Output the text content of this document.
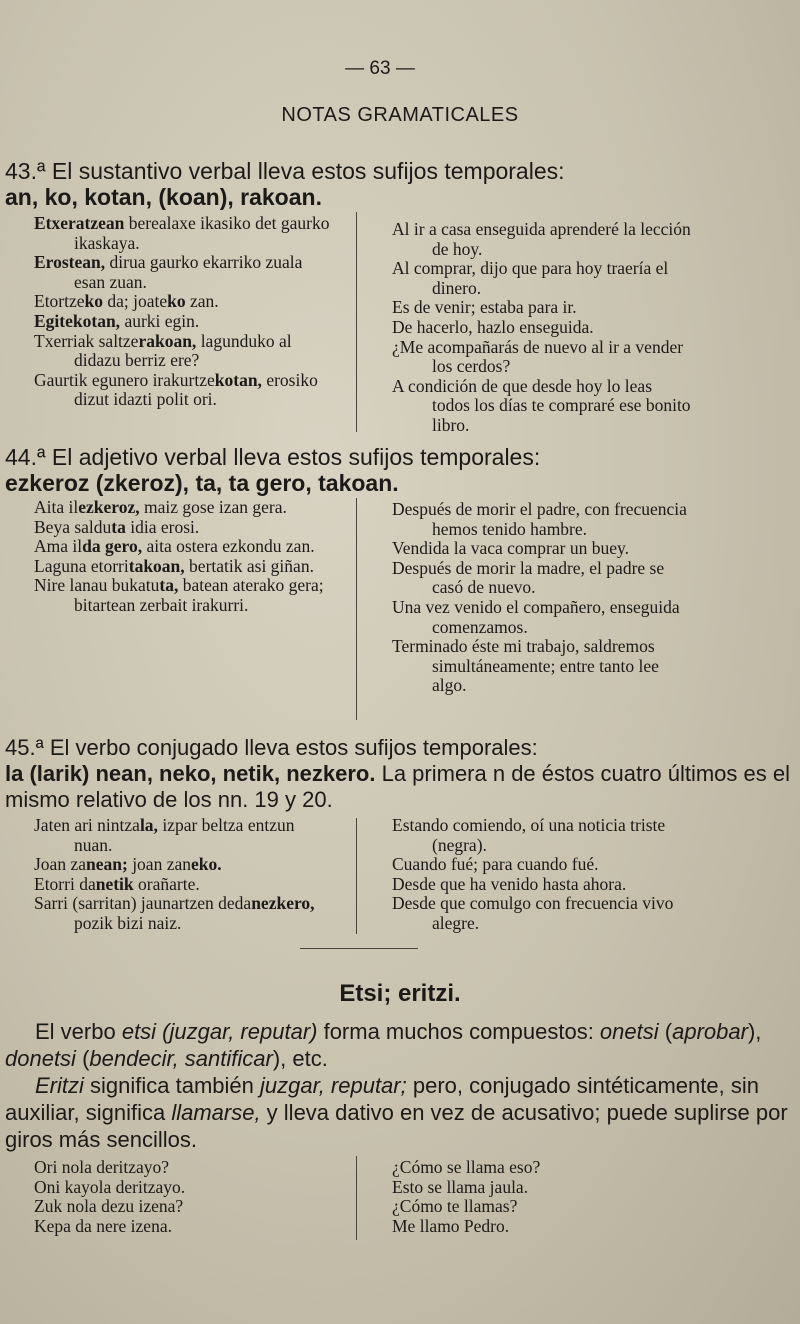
— 63 —
NOTAS GRAMATICALES
43.ª El sustantivo verbal lleva estos sufijos temporales:
an, ko, kotan, (koan), rakoan.

Etxeratzean berealaxe ikasiko det gaurko ikaskaya.

Erostean, dirua gaurko ekarriko zuala esan zuan.

Etortzeko da; joateko zan.

Egitekotan, aurki egin.

Txerriak saltzerakoan, lagunduko al didazu berriz ere?

Gaurtik egunero irakurtzekotan, erosiko dizut idazti polit ori.

Al ir a casa enseguida aprenderé la lección de hoy.

Al comprar, dijo que para hoy traería el dinero.

Es de venir; estaba para ir.

De hacerlo, hazlo enseguida.

¿Me acompañarás de nuevo al ir a vender los cerdos?

A condición de que desde hoy lo leas todos los días te compraré ese bonito libro.

44.ª El adjetivo verbal lleva estos sufijos temporales:
ezkeroz (zkeroz), ta, ta gero, takoan.

Aita ilezkeroz, maiz gose izan gera.

Beya salduta idia erosi.

Ama ilda gero, aita ostera ezkondu zan.

Laguna etorritakoan, bertatik asi giñan.

Nire lanau bukatuta, batean aterako gera; bitartean zerbait irakurri.

Después de morir el padre, con frecuencia hemos tenido hambre.

Vendida la vaca comprar un buey.

Después de morir la madre, el padre se casó de nuevo.

Una vez venido el compañero, enseguida comenzamos.

Terminado éste mi trabajo, saldremos simultáneamente; entre tanto lee algo.

45.ª El verbo conjugado lleva estos sufijos temporales:
la (larik) nean, neko, netik, nezkero. La primera n de éstos cuatro últimos es el mismo relativo de los nn. 19 y 20.

Jaten ari nintzala, izpar beltza entzun nuan.

Joan zanean; joan zaneko.

Etorri danetik orañarte.

Sarri (sarritan) jaunartzen dedanezkero, pozik bizi naiz.

Estando comiendo, oí una noticia triste (negra).

Cuando fué; para cuando fué.

Desde que ha venido hasta ahora.

Desde que comulgo con frecuencia vivo alegre.

Etsi; eritzi.
El verbo etsi (juzgar, reputar) forma muchos compuestos: onetsi (aprobar), donetsi (bendecir, santificar), etc.
Eritzi significa también juzgar, reputar; pero, conjugado sintéticamente, sin auxiliar, significa llamarse, y lleva dativo en vez de acusativo; puede suplirse por giros más sencillos.

Ori nola deritzayo?

Oni kayola deritzayo.

Zuk nola dezu izena?

Kepa da nere izena.

¿Cómo se llama eso?

Esto se llama jaula.

¿Cómo te llamas?

Me llamo Pedro.
